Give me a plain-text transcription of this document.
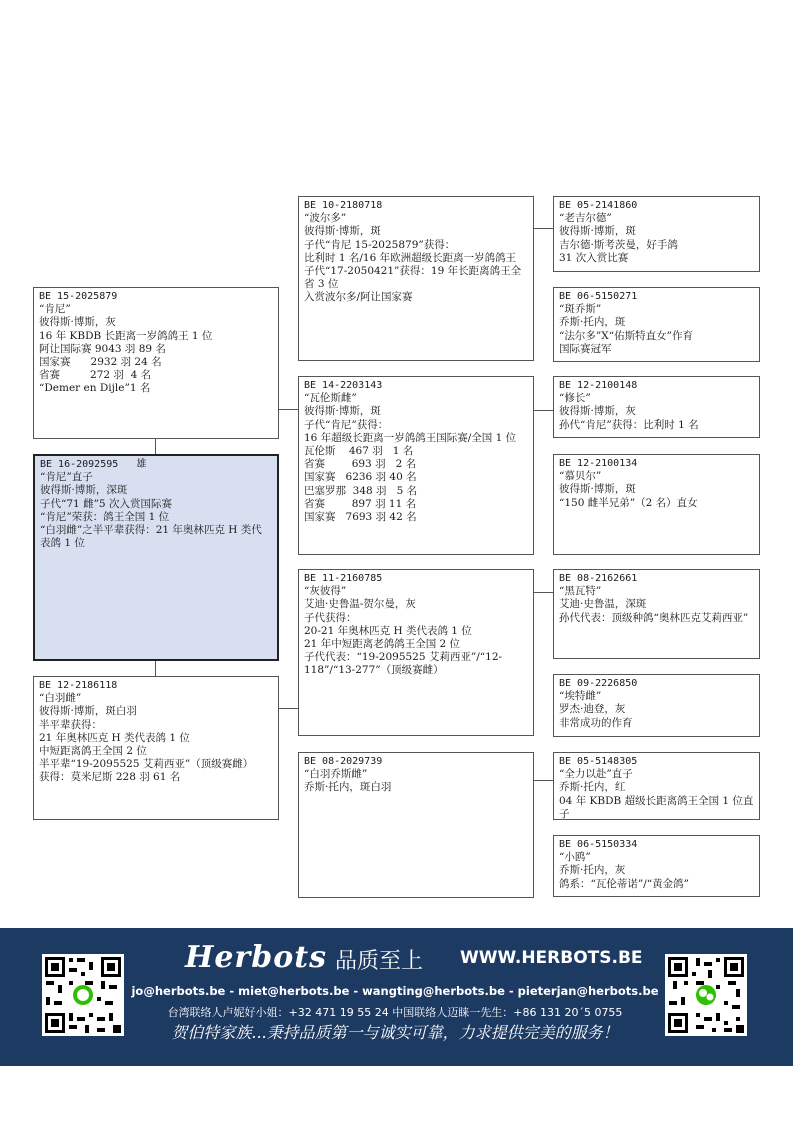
BE 15-2025879
“肯尼”
彼得斯·博斯，灰
16 年 KBDB 长距离一岁鸽鸽王 1 位
阿让国际赛 9043 羽 89 名
国家赛      2932 羽 24 名
省赛         272 羽  4 名
“Demer en Dijle”1 名
BE 16-2092595   雄
“肯尼”直子
彼得斯·博斯，深斑
子代“71 雌”5 次入赏国际赛
“肯尼”荣获：鸽王全国 1 位
“白羽雌”之半平辈获得：21 年奥林匹克 H 类代表鸽 1 位
BE 12-2186118
“白羽雌”
彼得斯·博斯，斑白羽
半平辈获得：
21 年奥林匹克 H 类代表鸽 1 位
中短距离鸽王全国 2 位
半平辈“19-2095525 艾莉西亚”（顶级赛雌）
获得：莫米尼斯 228 羽 61 名
BE 10-2180718
“波尔多”
彼得斯·博斯，斑
子代“肯尼 15-2025879”获得：
比利时 1 名/16 年欧洲超级长距离一岁鸽鸽王
子代“17-2050421”获得：19 年长距离鸽王全省 3 位
入赏波尔多/阿让国家赛
BE 14-2203143
“瓦伦斯雌”
彼得斯·博斯，斑
子代“肯尼”获得：
16 年超级长距离一岁鸽鸽王国际赛/全国 1 位
瓦伦斯    467 羽   1 名
省赛        693 羽   2 名
国家赛   6236 羽 40 名
巴塞罗那  348 羽   5 名
省赛        897 羽 11 名
国家赛   7693 羽 42 名
BE 11-2160785
“灰彼得”
艾迪·史鲁温-贺尔曼，灰
子代获得：
20-21 年奥林匹克 H 类代表鸽 1 位
21 年中短距离老鸽鸽王全国 2 位
子代代表：“19-2095525 艾莉西亚”/“12-118”/“13-277”（顶级赛雌）
BE 08-2029739
“白羽乔斯雌”
乔斯·托内，斑白羽
BE 05-2141860
“老吉尔德”
彼得斯·博斯，斑
吉尔德·斯考茨曼，好手鸽
31 次入赏比赛
BE 06-5150271
“斑乔斯”
乔斯·托内，斑
“法尔多”X“佑斯特直女”作育
国际赛冠军
BE 12-2100148
“修长”
彼得斯·博斯，灰
孙代“肯尼”获得：比利时 1 名
BE 12-2100134
“慕贝尔”
彼得斯·博斯，斑
“150 雌半兄弟”（2 名）直女
BE 08-2162661
“黑瓦特”
艾迪·史鲁温，深斑
孙代代表：顶级种鸽“奥林匹克艾莉西亚”
BE 09-2226850
“埃特雌”
罗杰·迪登，灰
非常成功的作育
BE 05-5148305
“全力以赴”直子
乔斯·托内，红
04 年 KBDB 超级长距离鸽王全国 1 位直子
BE 06-5150334
“小鸥”
乔斯·托内，灰
鸽系：“瓦伦蒂诺”/“黄金鸽”
Herbots 品质至上 WWW.HERBOTS.BE
jo@herbots.be - miet@herbots.be - wangting@herbots.be - pieterjan@herbots.be
台湾联络人卢妮好小姐：+32 471 19 55 24 中国联络人迈睐一先生：+86 131 20´5 0755
贺伯特家族...秉持品质第一与诚实可靠，力求提供完美的服务！
